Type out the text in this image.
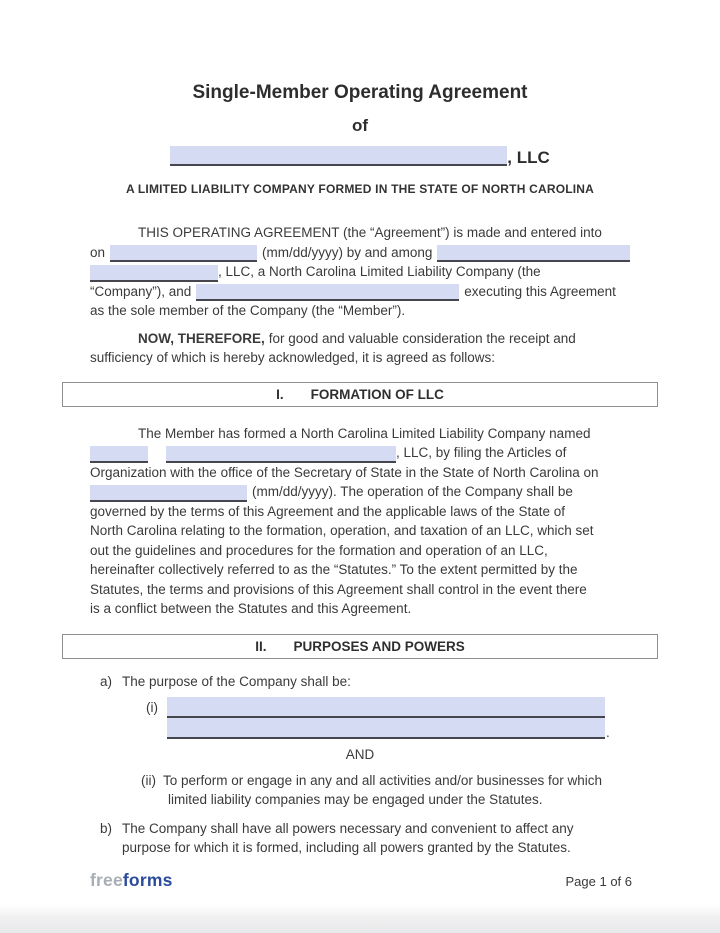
Single-Member Operating Agreement
of
, LLC
A LIMITED LIABILITY COMPANY FORMED IN THE STATE OF NORTH CAROLINA
THIS OPERATING AGREEMENT (the “Agreement”) is made and entered into
on	(mm/dd/yyyy) by and among
, LLC, a North Carolina Limited Liability Company (the
“Company”), and	executing this Agreement
as the sole member of the Company (the “Member”).
NOW, THEREFORE, for good and valuable consideration the receipt and
sufficiency of which is hereby acknowledged, it is agreed as follows:
I. FORMATION OF LLC
The Member has formed a North Carolina Limited Liability Company named
, LLC, by filing the Articles of
Organization with the office of the Secretary of State in the State of North Carolina on
(mm/dd/yyyy). The operation of the Company shall be
governed by the terms of this Agreement and the applicable laws of the State of
North Carolina relating to the formation, operation, and taxation of an LLC, which set
out the guidelines and procedures for the formation and operation of an LLC,
hereinafter collectively referred to as the “Statutes.” To the extent permitted by the
Statutes, the terms and provisions of this Agreement shall control in the event there
is a conflict between the Statutes and this Agreement.
II. PURPOSES AND POWERS
a) The purpose of the Company shall be:
(i)
.
AND
(ii) To perform or engage in any and all activities and/or businesses for which
limited liability companies may be engaged under the Statutes.
b) The Company shall have all powers necessary and convenient to affect any
purpose for which it is formed, including all powers granted by the Statutes.
freeforms	Page 1 of 6
